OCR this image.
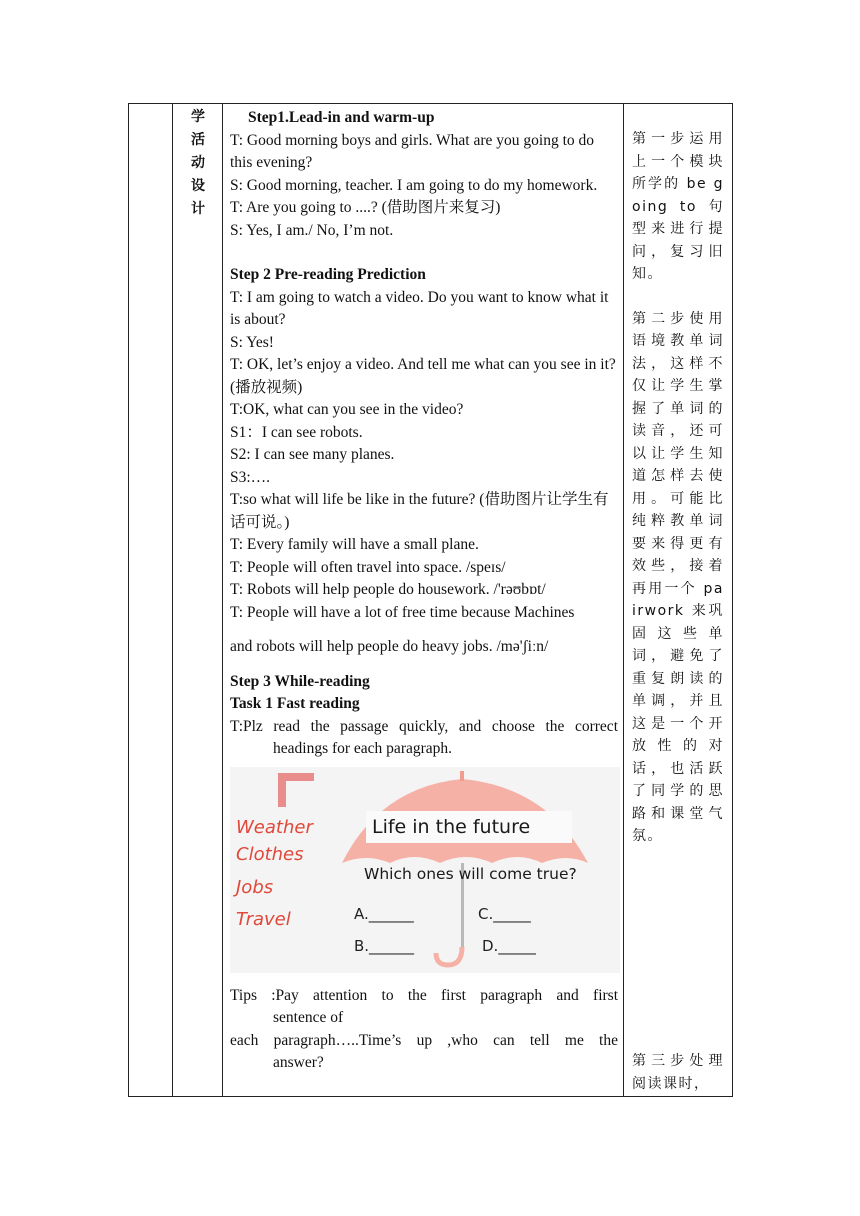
学
活
动
设
计

Step1.Lead-in and warm-up

T: Good morning boys and girls. What are you going to do this evening?

S: Good morning, teacher. I am going to do my homework.

T: Are you going to ....? (借助图片来复习)

S: Yes, I am./ No, I’m not.

Step 2 Pre-reading Prediction

T: I am going to watch a video. Do you want to know what it is about?

S: Yes!

T: OK, let’s enjoy a video. And tell me what can you see in it? (播放视频)

T:OK, what can you see in the video?

S1：I can see robots.

S2: I can see many planes.

S3:….

T:so what will life be like in the future? (借助图片让学生有话可说。)

T: Every family will have a small plane.

T: People will often travel into space. /speɪs/

T: Robots will help people do housework. /'rəʊbɒt/

T: People will have a lot of free time because Machines

and robots will help people do heavy jobs. /mə'ʃiːn/

Step 3 While-reading

Task 1 Fast reading

T:Plz read the passage quickly, and choose the correct

headings for each paragraph.

Weather
Clothes
Jobs
Travel
Life in the future
Which ones will come true?
A.______	C._____
B.______	D._____

Tips :Pay attention to the first paragraph and first

sentence of

each paragraph…..Time’s up ,who can tell me the

answer?

第一步运用上一个模块所学的 be going to 句型来进行提问，复习旧知。

第二步使用语境教单词法，这样不仅让学生掌握了单词的读音，还可以让学生知道怎样去使用。可能比纯粹教单词要来得更有效些，接着再用一个 pairwork 来巩固这些单词，避免了重复朗读的单调，并且这是一个开放性的对话，也活跃了同学的思路和课堂气氛。

第三步处理阅读课时，
